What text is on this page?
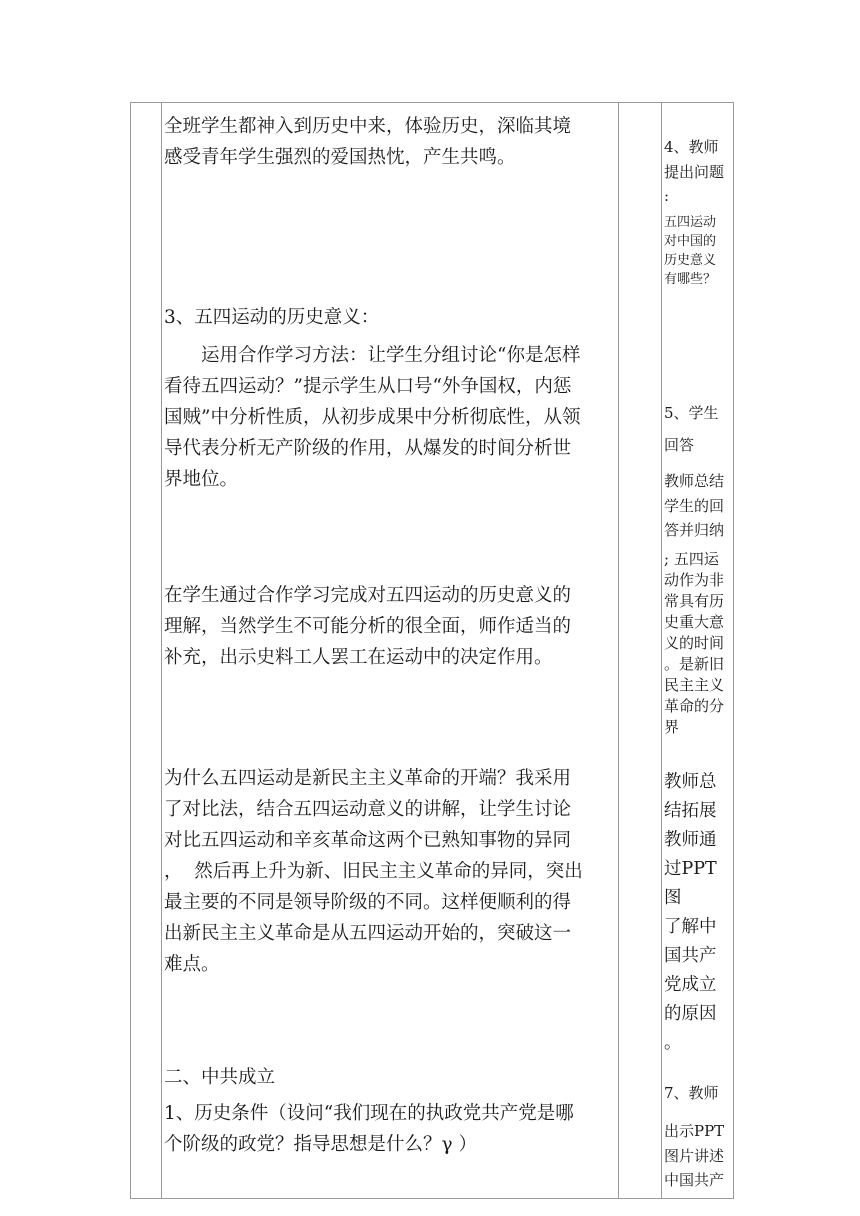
全班学生都神入到历史中来，体验历史，深临其境
感受青年学生强烈的爱国热忱，产生共鸣。

3、五四运动的历史意义：

　　运用合作学习方法：让学生分组讨论“你是怎样
看待五四运动？”提示学生从口号“外争国权，内惩
国贼”中分析性质，从初步成果中分析彻底性，从领
导代表分析无产阶级的作用，从爆发的时间分析世
界地位。

在学生通过合作学习完成对五四运动的历史意义的
理解，当然学生不可能分析的很全面，师作适当的
补充，出示史料工人罢工在运动中的决定作用。

为什么五四运动是新民主主义革命的开端？我采用
了对比法，结合五四运动意义的讲解，让学生讨论
对比五四运动和辛亥革命这两个已熟知事物的异同
，  然后再上升为新、旧民主主义革命的异同，突出
最主要的不同是领导阶级的不同。这样便顺利的得
出新民主主义革命是从五四运动开始的，突破这一
难点。

二、中共成立

1、历史条件（设问“我们现在的执政党共产党是哪
个阶级的政党？指导思想是什么？γ ）

4、教师
提出问题
:

五四运动
对中国的
历史意义
有哪些？

5、学生

回答

教师总结
学生的回
答并归纳

; 五四运
动作为非
常具有历
史重大意
义的时间
。是新旧
民主主义
革命的分
界

教师总
结拓展
教师通
过PPT图
了解中
国共产
党成立
的原因
。

7、教师

出示PPT
图片讲述
中国共产
